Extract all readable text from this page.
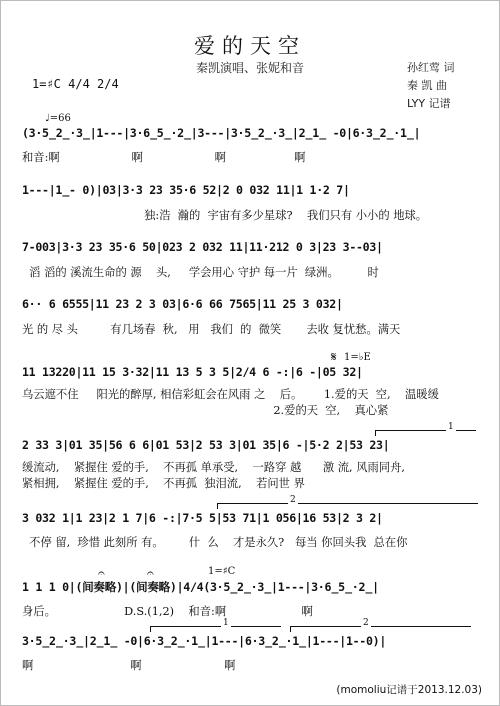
爱的天空
秦凯演唱、张妮和音	孙红莺 词
秦 凯 曲
LYY 记谱
1=♯C 4/4 2/4
♩=66
(3·5̲2̲·3̲|1---|3·6̲5̲·2̲|3---|3·5̲2̲·3̲|2̲1̲ -0|6·3̲2̲·1̲|
和音:啊                    啊                    啊                   啊
1---|1̲- 0)|03|3·3 23 35·6 52|2 0 032 11|1 1·2 7|
独:浩  瀚的  宇宙有多少星球?    我们只有 小小的 地球。
7-003|3·3 23 35·6 50|023 2 032 11|11·212 0 3|23 3--03|
滔 滔的 溪流生命的 源    头,     学会用心 守护 每一片  绿洲。        时
6·· 6 6555|11 23 2 3 03|6·6 66 7565|11 25 3 032|
光 的 尽 头         有几场春  秋,   用   我们  的  微笑       去收 复忧愁。满天
𝄋 1=♭E
11 13220|11 15 3·32|11 13 5 3 5|2/4 6 -:|6 -|05 32|
乌云遮不住     阳光的醉厚, 相信彩虹会在风雨 之    后。      1.爱的天  空,    温暖缓
2.爱的天  空,    真心紧
1
2 33 3|01 35|56 6 6|01 53|2 53 3|01 35|6 -|5·2 2|53 23|
缓流动,    紧握住 爱的手,    不再孤 单承受,    一路穿 越      激 流, 风雨同舟,
紧相拥,    紧握住 爱的手,    不再孤  独泪流,    若问世 界
2
3 032 1|1 23|2 1 7|6 -:|7·5 5|53 71|1 056|16 53|2 3 2|
不停 留,  珍惜 此刻所 有。       什  么    才是永久?   每当 你回头我  总在你
𝄐	𝄐	1=♯C
1 1 1 0|(间奏略)|(间奏略)|4/4(3·5̲2̲·3̲|1---|3·6̲5̲·2̲|
身后。                   D.S.(1,2)    和音:啊                     啊
1	2
3·5̲2̲·3̲|2̲1̲ -0|6·3̲2̲·1̲|1---|6·3̲2̲·1̲|1---|1--0)|
啊                           啊                       啊
(momoliu记谱于2013.12.03)
